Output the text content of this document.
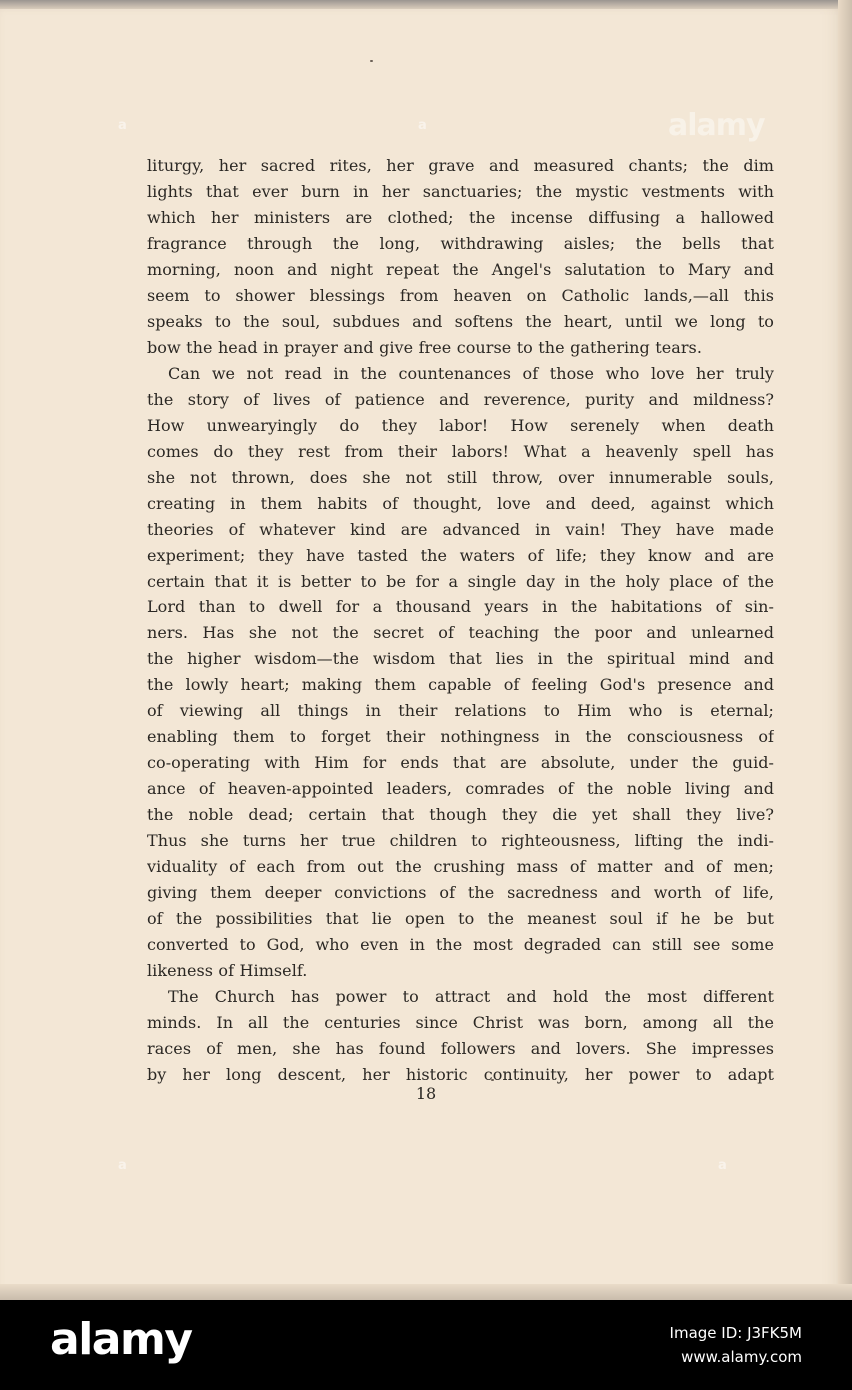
liturgy, her sacred rites, her grave and measured chants; the dim
lights that ever burn in her sanctuaries; the mystic vestments with
which her ministers are clothed; the incense diffusing a hallowed
fragrance through the long, withdrawing aisles; the bells that
morning, noon and night repeat the Angel's salutation to Mary and
seem to shower blessings from heaven on Catholic lands,—all this
speaks to the soul, subdues and softens the heart, until we long to
bow the head in prayer and give free course to the gathering tears.
Can we not read in the countenances of those who love her truly
the story of lives of patience and reverence, purity and mildness?
How unwearyingly do they labor! How serenely when death
comes do they rest from their labors! What a heavenly spell has
she not thrown, does she not still throw, over innumerable souls,
creating in them habits of thought, love and deed, against which
theories of whatever kind are advanced in vain! They have made
experiment; they have tasted the waters of life; they know and are
certain that it is better to be for a single day in the holy place of the
Lord than to dwell for a thousand years in the habitations of sin-
ners. Has she not the secret of teaching the poor and unlearned
the higher wisdom—the wisdom that lies in the spiritual mind and
the lowly heart; making them capable of feeling God's presence and
of viewing all things in their relations to Him who is eternal;
enabling them to forget their nothingness in the consciousness of
co-operating with Him for ends that are absolute, under the guid-
ance of heaven-appointed leaders, comrades of the noble living and
the noble dead; certain that though they die yet shall they live?
Thus she turns her true children to righteousness, lifting the indi-
viduality of each from out the crushing mass of matter and of men;
giving them deeper convictions of the sacredness and worth of life,
of the possibilities that lie open to the meanest soul if he be but
converted to God, who even in the most degraded can still see some
likeness of Himself.
The Church has power to attract and hold the most different
minds. In all the centuries since Christ was born, among all the
races of men, she has found followers and lovers. She impresses
by her long descent, her historic continuity, her power to adapt
18
alamy
a	a
a	a
alamy	Image ID: J3FK5M
www.alamy.com
